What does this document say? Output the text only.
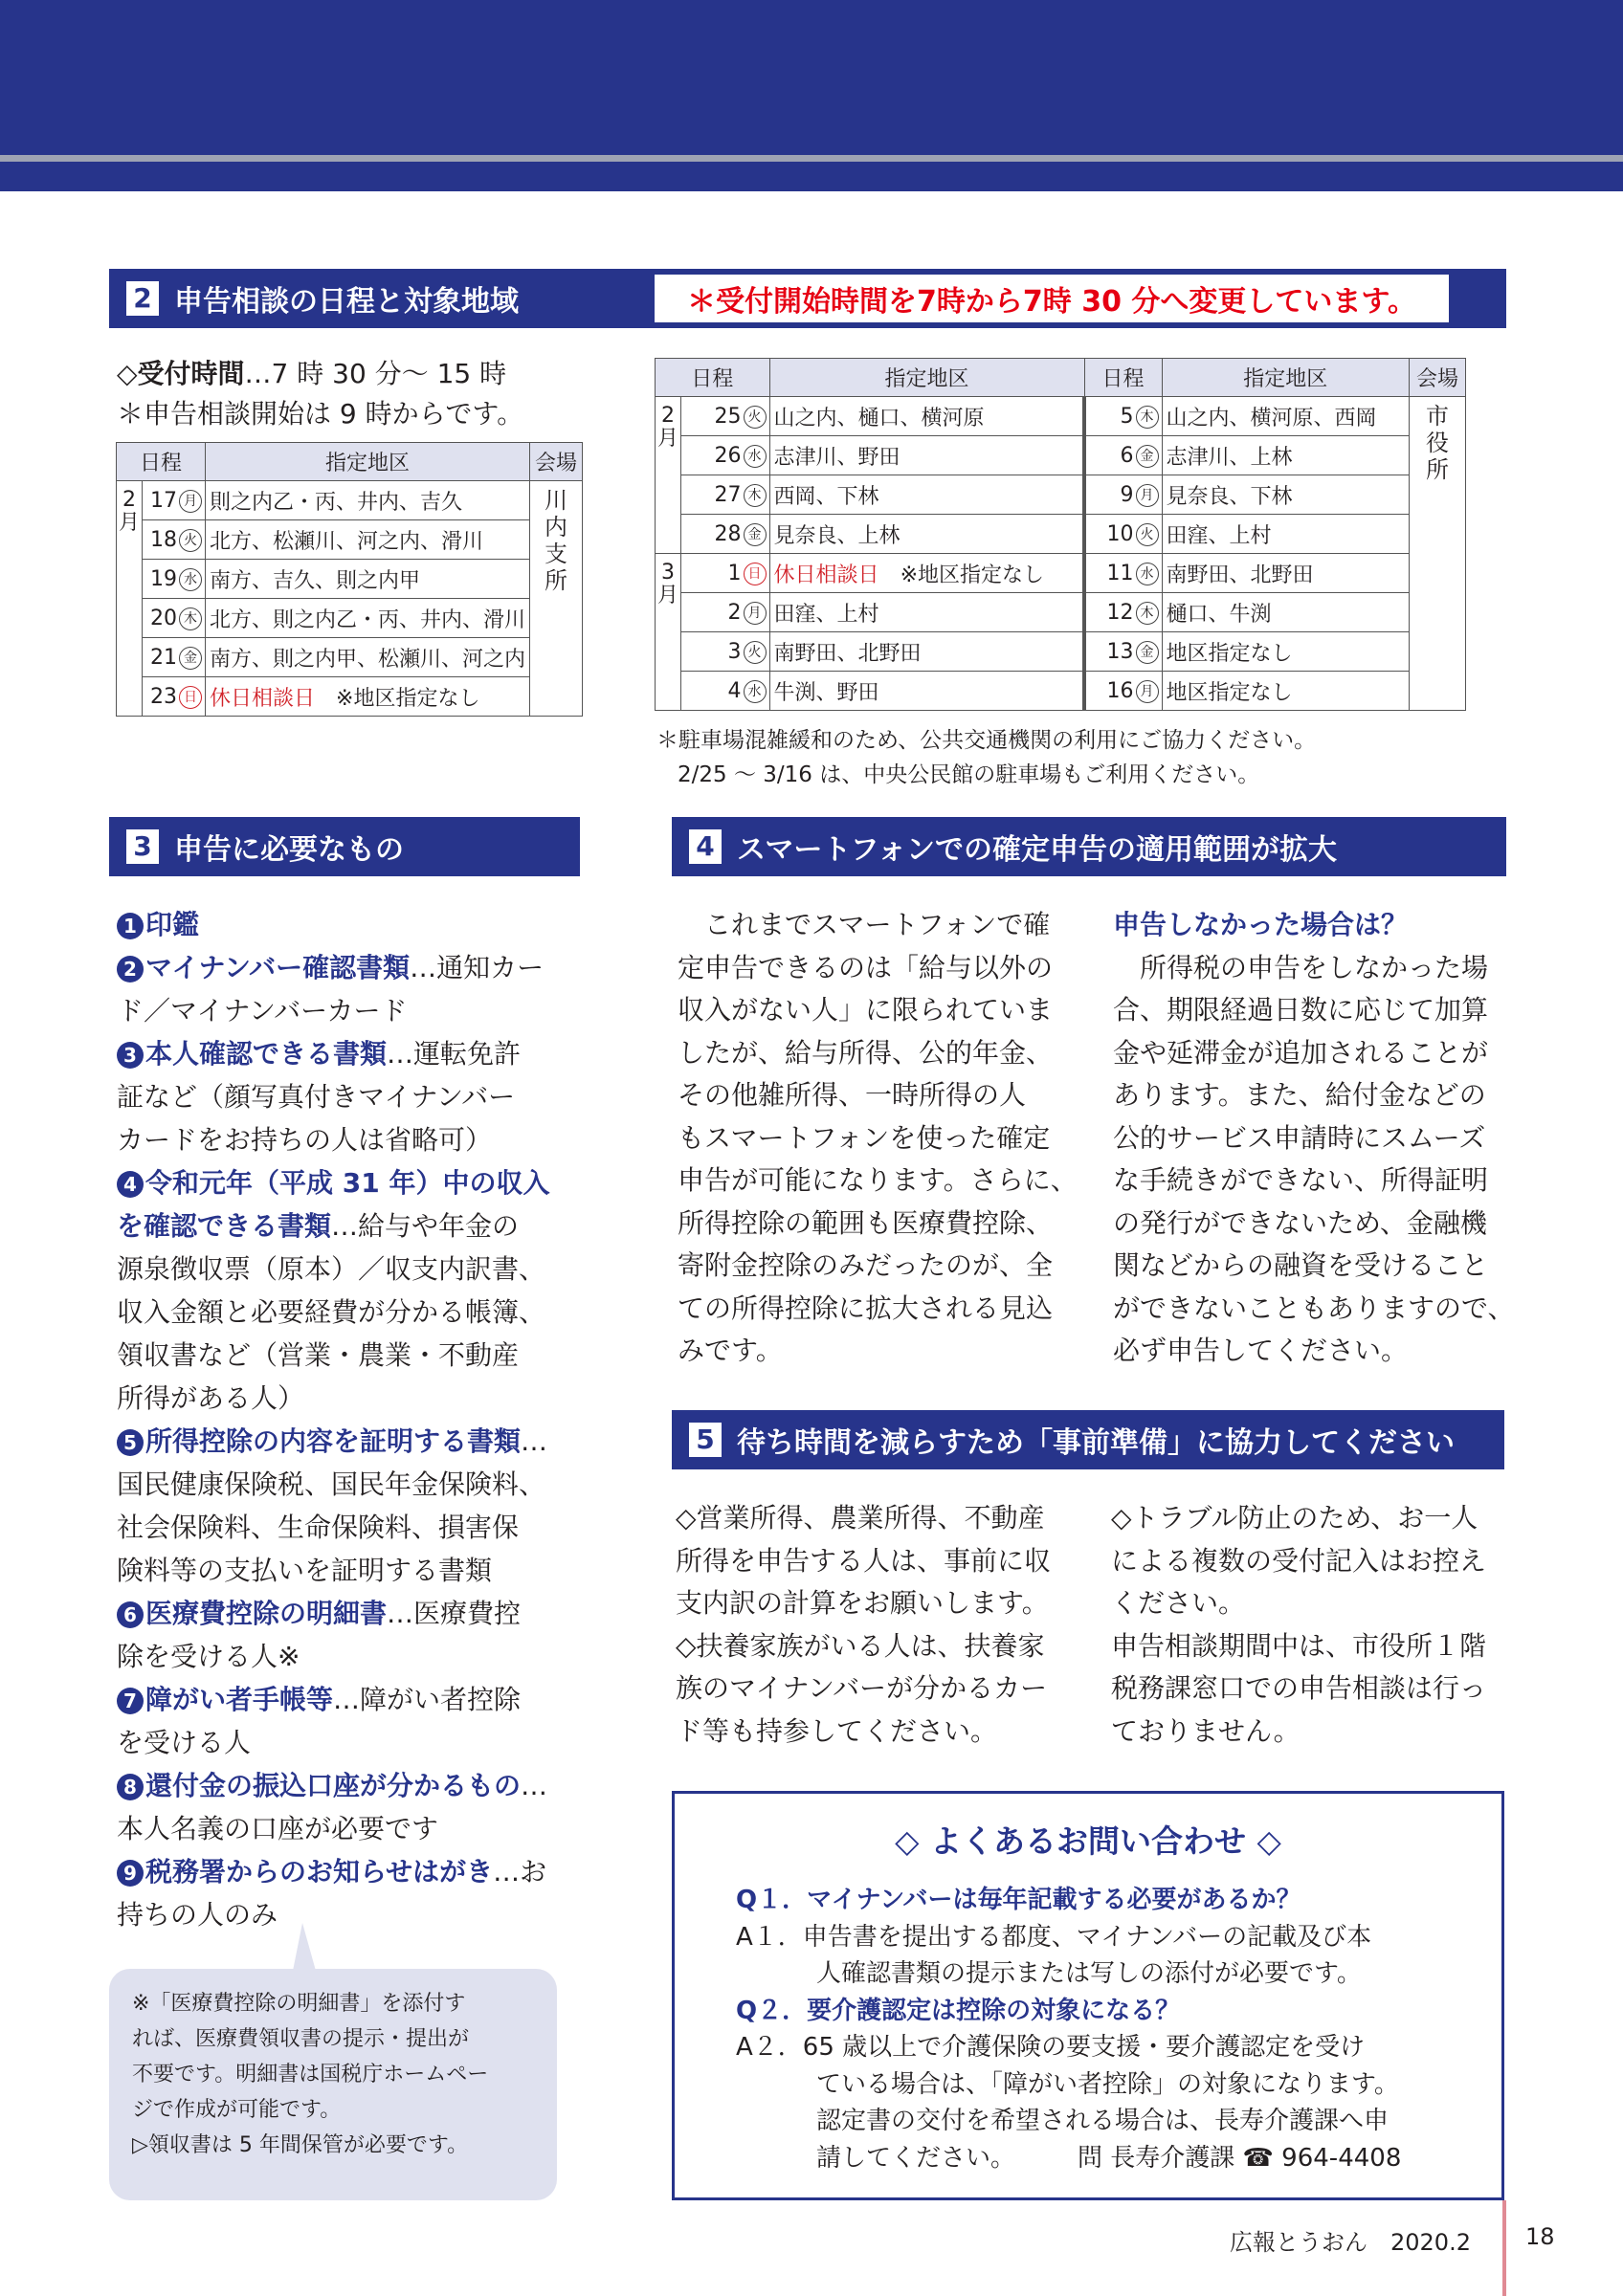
2 申告相談の日程と対象地域	＊受付開始時間を7時から7時 30 分へ変更しています。
◇受付時間…7 時 30 分～ 15 時
＊申告相談開始は 9 時からです。
日程		指定地区	会場
2
月	17 月	則之内乙・丙、井内、吉久	川
内
支
所
	18 火	北方、松瀬川、河之内、滑川	
	19 水	南方、吉久、則之内甲	
	20 木	北方、則之内乙・丙、井内、滑川	
	21 金	南方、則之内甲、松瀬川、河之内	
	23 日	休日相談日　 ※地区指定なし	
日程		指定地区	日程	指定地区	会場
2
月	25 火	山之内、樋口、横河原	5 木	山之内、横河原、西岡	市
役
所
	26 水	志津川、野田	6 金	志津川、上林	
	27 木	西岡、下林	9 月	見奈良、下林	
	28 金	見奈良、上林	10 火	田窪、上村	
3
月	1 日	休日相談日　 ※地区指定なし	11 水	南野田、北野田	
	2 月	田窪、上村	12 木	樋口、牛渕	
	3 火	南野田、北野田	13 金	地区指定なし	
	4 水	牛渕、野田	16 月	地区指定なし	
＊駐車場混雑緩和のため、公共交通機関の利用にご協力ください。
2/25 ～ 3/16 は、中央公民館の駐車場もご利用ください。
3 申告に必要なもの
1 印鑑
2 マイナンバー確認書類…通知カー
ド／マイナンバーカード
3 本人確認できる書類…運転免許
証など（顔写真付きマイナンバー
カードをお持ちの人は省略可）
4 令和元年（平成 31 年）中の収入
を確認できる書類…給与や年金の
源泉徴収票（原本）／収支内訳書、
収入金額と必要経費が分かる帳簿、
領収書など（営業・農業・不動産
所得がある人）
5 所得控除の内容を証明する書類…
国民健康保険税、国民年金保険料、
社会保険料、生命保険料、損害保
険料等の支払いを証明する書類
6 医療費控除の明細書…医療費控
除を受ける人※
7 障がい者手帳等…障がい者控除
を受ける人
8 還付金の振込口座が分かるもの…
本人名義の口座が必要です
9 税務署からのお知らせはがき…お
持ちの人のみ
※「医療費控除の明細書」を添付す
れば、医療費領収書の提示・提出が
不要です。明細書は国税庁ホームペー
ジで作成が可能です。
▷領収書は 5 年間保管が必要です。
4 スマートフォンでの確定申告の適用範囲が拡大
　これまでスマートフォンで確
定申告できるのは「給与以外の
収入がない人」に限られていま
したが、給与所得、公的年金、
その他雑所得、一時所得の人
もスマートフォンを使った確定
申告が可能になります。さらに、
所得控除の範囲も医療費控除、
寄附金控除のみだったのが、全
ての所得控除に拡大される見込
みです。
申告しなかった場合は？
　所得税の申告をしなかった場
合、期限経過日数に応じて加算
金や延滞金が追加されることが
あります。また、給付金などの
公的サービス申請時にスムーズ
な手続きができない、所得証明
の発行ができないため、金融機
関などからの融資を受けること
ができないこともありますので、
必ず申告してください。
5 待ち時間を減らすため「事前準備」に協力してください
◇営業所得、農業所得、不動産
所得を申告する人は、事前に収
支内訳の計算をお願いします。
◇扶養家族がいる人は、扶養家
族のマイナンバーが分かるカー
ド等も持参してください。
◇トラブル防止のため、お一人
による複数の受付記入はお控え
ください。
申告相談期間中は、市役所１階
税務課窓口での申告相談は行っ
ておりません。
◇ よくあるお問い合わせ ◇
Q１．マイナンバーは毎年記載する必要があるか？
A１．申告書を提出する都度、マイナンバーの記載及び本
人確認書類の提示または写しの添付が必要です。
Q２．要介護認定は控除の対象になる？
A２．65 歳以上で介護保険の要支援・要介護認定を受け
ている場合は、「障がい者控除」の対象になります。
認定書の交付を希望される場合は、長寿介護課へ申
請してください。　　　問 長寿介護課 ☎ 964-4408
広報とうおん　2020.2 18
